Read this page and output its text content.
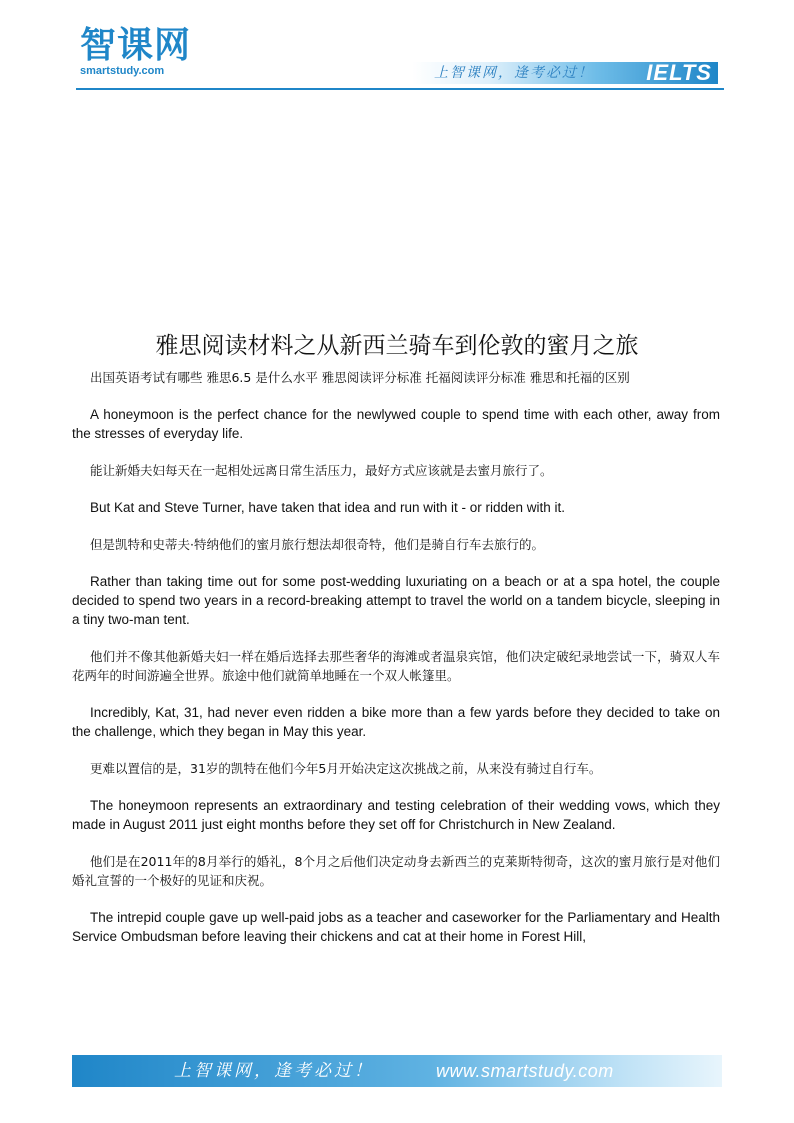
智课网
smartstudy.com	上智课网，逢考必过！ IELTS
雅思阅读材料之从新西兰骑车到伦敦的蜜月之旅

出国英语考试有哪些 雅思6.5 是什么水平 雅思阅读评分标准 托福阅读评分标准 雅思和托福的区别

A honeymoon is the perfect chance for the newlywed couple to spend time with each other, away from the stresses of everyday life.

能让新婚夫妇每天在一起相处远离日常生活压力，最好方式应该就是去蜜月旅行了。

But Kat and Steve Turner, have taken that idea and run with it - or ridden with it.

但是凯特和史蒂夫·特纳他们的蜜月旅行想法却很奇特，他们是骑自行车去旅行的。

Rather than taking time out for some post-wedding luxuriating on a beach or at a spa hotel, the couple decided to spend two years in a record-breaking attempt to travel the world on a tandem bicycle, sleeping in a tiny two-man tent.

他们并不像其他新婚夫妇一样在婚后选择去那些奢华的海滩或者温泉宾馆，他们决定破纪录地尝试一下，骑双人车花两年的时间游遍全世界。旅途中他们就简单地睡在一个双人帐篷里。

Incredibly, Kat, 31, had never even ridden a bike more than a few yards before they decided to take on the challenge, which they began in May this year.

更难以置信的是，31岁的凯特在他们今年5月开始决定这次挑战之前，从来没有骑过自行车。

The honeymoon represents an extraordinary and testing celebration of their wedding vows, which they made in August 2011 just eight months before they set off for Christchurch in New Zealand.

他们是在2011年的8月举行的婚礼，8个月之后他们决定动身去新西兰的克莱斯特彻奇，这次的蜜月旅行是对他们婚礼宣誓的一个极好的见证和庆祝。

The intrepid couple gave up well-paid jobs as a teacher and caseworker for the Parliamentary and Health Service Ombudsman before leaving their chickens and cat at their home in Forest Hill,

上智课网，逢考必过！	www.smartstudy.com
